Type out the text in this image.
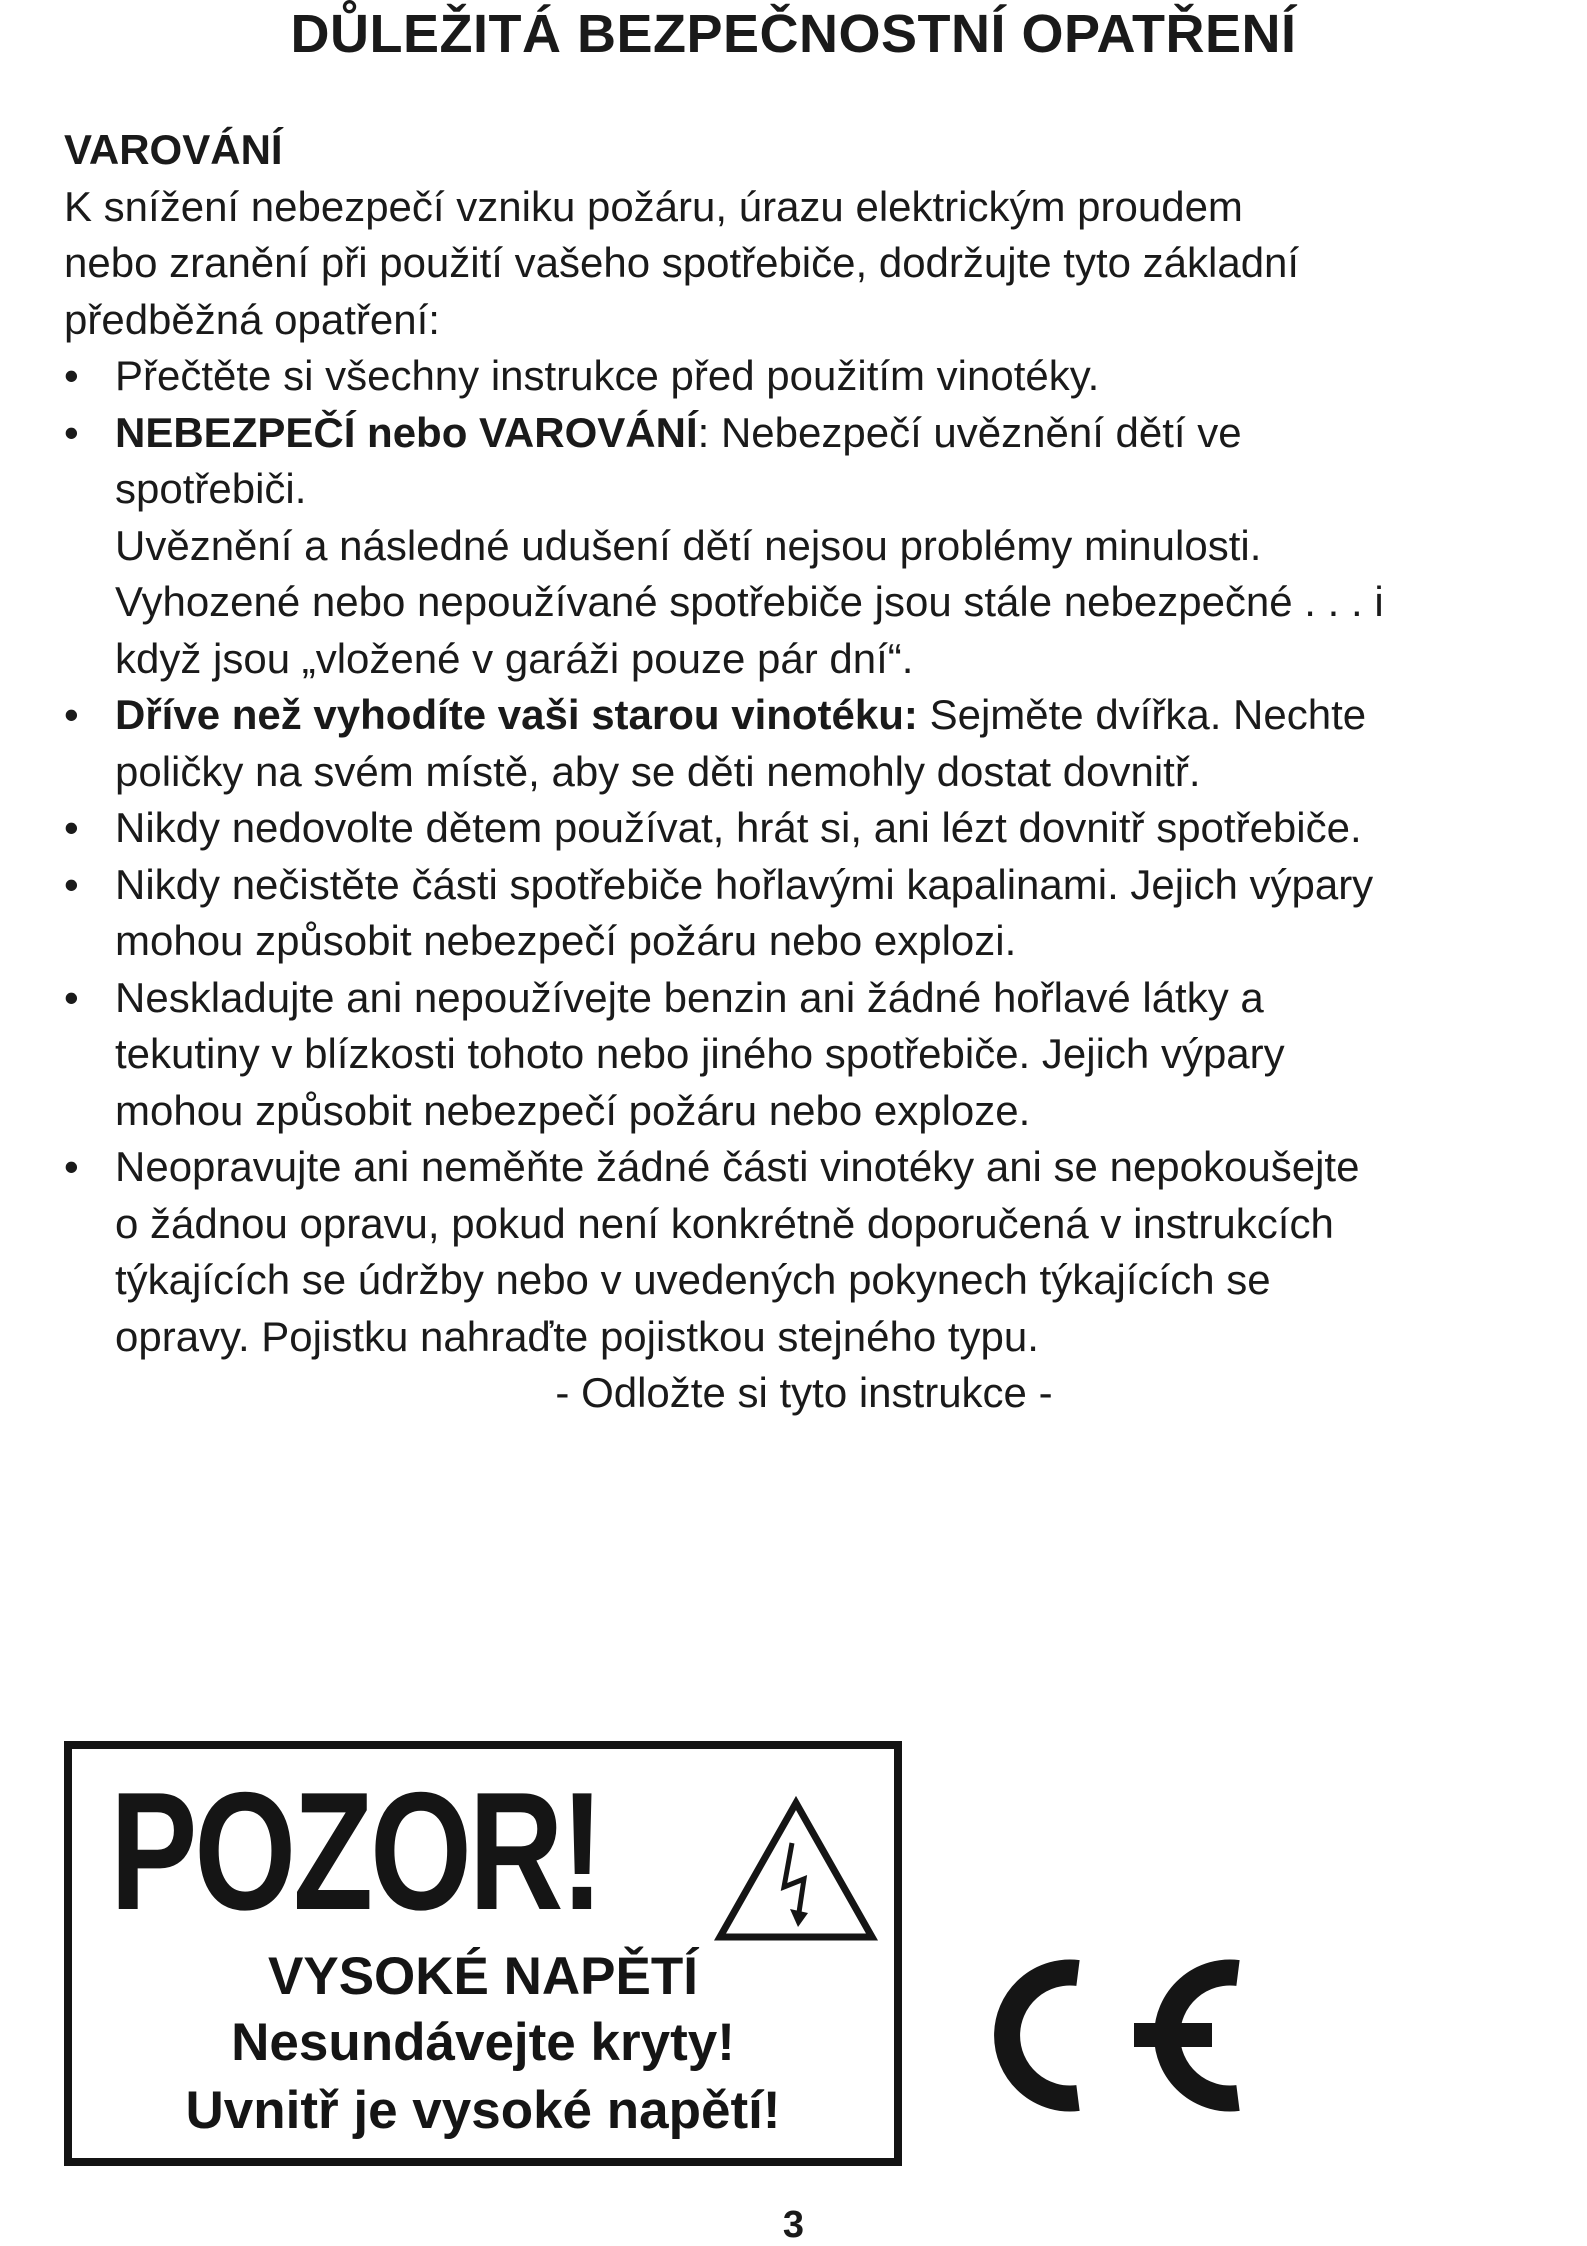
DŮLEŽITÁ BEZPEČNOSTNÍ OPATŘENÍ

VAROVÁNÍ

K snížení nebezpečí vzniku požáru, úrazu elektrickým proudem
nebo zranění při použití vašeho spotřebiče, dodržujte tyto základní
předběžná opatření:

• Přečtěte si všechny instrukce před použitím vinotéky.
• NEBEZPEČÍ nebo VAROVÁNÍ: Nebezpečí uvěznění dětí ve
spotřebiči.
Uvěznění a následné udušení dětí nejsou problémy minulosti.
Vyhozené nebo nepoužívané spotřebiče jsou stále nebezpečné . . . i
když jsou „vložené v garáži pouze pár dní“.
• Dříve než vyhodíte vaši starou vinotéku: Sejměte dvířka. Nechte
poličky na svém místě, aby se děti nemohly dostat dovnitř.
• Nikdy nedovolte dětem používat, hrát si, ani lézt dovnitř spotřebiče.
• Nikdy nečistěte části spotřebiče hořlavými kapalinami. Jejich výpary
mohou způsobit nebezpečí požáru nebo explozi.
• Neskladujte ani nepoužívejte benzin ani žádné hořlavé látky a
tekutiny v blízkosti tohoto nebo jiného spotřebiče. Jejich výpary
mohou způsobit nebezpečí požáru nebo exploze.
• Neopravujte ani neměňte žádné části vinotéky ani se nepokoušejte
o žádnou opravu, pokud není konkrétně doporučená v instrukcích
týkajících se údržby nebo v uvedených pokynech týkajících se
opravy. Pojistku nahraďte pojistkou stejného typu.

- Odložte si tyto instrukce -

POZOR!
VYSOKÉ NAPĚTÍ
Nesundávejte kryty!
Uvnitř je vysoké napětí!
3
